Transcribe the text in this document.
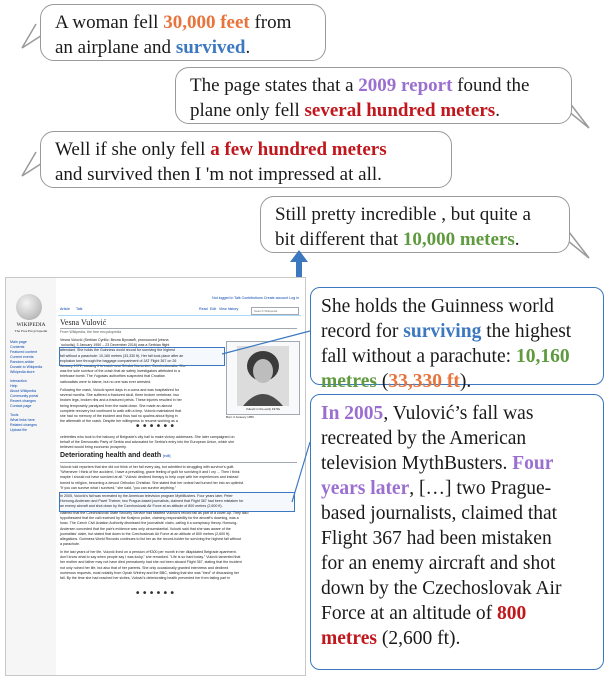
A woman fell 30,000 feet from
an airplane and survived.
The page states that a 2009 report found the
plane only fell several hundred meters.
Well if she only fell a few hundred meters
and survived then I 'm not impressed at all.
Still pretty incredible , but quite a
bit different that 10,000 meters.
WIKIPEDIA
The Free Encyclopedia
Main page
Contents
Featured content
Current events
Random article
Donate to Wikipedia
Wikipedia store
Interaction
Help
About Wikipedia
Community portal
Recent changes
Contact page
Tools
What links here
Related changes
Upload file
Not logged in Talk Contributions Create account Log in
Article Talk	Read Edit View history	Search Wikipedia
Vesna Vulović
From Wikipedia, the free encyclopedia
Vesna Vulović (Serbian Cyrillic: Весна Вуловић, pronounced [vésna
ˈʋuloʋitɕ]; 3 January 1950 – 23 December 2016) was a Serbian flight
attendant. She holds the Guinness world record for surviving the highest
fall without a parachute: 10,160 metres (33,330 ft). Her fall took place after an
explosion tore through the baggage compartment of JAT Flight 367 on 26
January 1972, causing it to crash near Srbská Kamenice, Czechoslovakia. She
was the sole survivor of the crash that air safety investigators attributed to a
briefcase bomb. The Yugoslav authorities suspected that Croatian
nationalists were to blame, but no one was ever arrested.
Following the crash, Vulović spent days in a coma and was hospitalized for
several months. She suffered a fractured skull, three broken vertebrae, two
broken legs, broken ribs and a fractured pelvis. These injuries resulted in her
being temporarily paralyzed from the waist down. She made an almost
complete recovery but continued to walk with a limp. Vulović maintained that
she had no memory of the incident and thus had no qualms about flying in
the aftermath of the crash. Despite her willingness to resume working as a
Vulović in the early 1970s
Born 3 January 1950
••••••
celebrities who took to the balcony of Belgrade's city hall to make victory addresses. She later campaigned on
behalf of the Democratic Party of Serbia and advocated for Serbia's entry into the European Union, which she
believed would bring economic prosperity.
Deteriorating health and death [edit]
Vulović told reporters that she did not think of her fall every day, but admitted to struggling with survivor's guilt.
"Whenever I think of the accident, I have a prevailing, grave feeling of guilt for surviving it and I cry ... Then I think
maybe I should not have survived at all." Vulović declined therapy to help cope with her experiences and instead
turned to religion, becoming a devout Orthodox Christian. She stated that her ordeal had turned her into an optimist.
"If you can survive what I survived," she said, "you can survive anything."
In 2005, Vulović's fall was recreated by the American television program MythBusters. Four years later, Peter
Hornung-Andersen and Pavel Theiner, two Prague-based journalists, claimed that Flight 367 had been mistaken for
an enemy aircraft and shot down by the Czechoslovak Air Force at an altitude of 800 metres (2,600 ft).
claimed that the Czechoslovak State Security Service had falsified Vulović's record fall as part of a cover-up. They also
hypothesized that the call received by the Kraljevo police, claiming responsibility for the aircraft's downing, was a
hoax. The Czech Civil Aviation Authority dismissed the journalists' claim, calling it a conspiracy theory. Hornung-
Andersen conceded that the pair's evidence was only circumstantial. Vulović said that she was aware of the
journalists' claim, but stated that down to the Czechoslovak Air Force at an altitude of 800 metres (2,600 ft).
allegations. Guinness World Records continues to list her as the record-holder for surviving the highest fall without
a parachute.
In the last years of her life, Vulović lived on a pension of €300 per month in her dilapidated Belgrade apartment.
don't know what to say when people say I was lucky," she remarked. "Life is so hard today." Vulović lamented that
her mother and father may not have died prematurely had she not been aboard Flight 367, stating that the incident
not only ruined her life, but also that of her parents. She only occasionally granted interviews and declined
numerous requests, most notably from Oprah Winfrey and the BBC, stating that she was "tired" of discussing her
fall. By the time she had reached her sixties, Vulović's deteriorating health prevented her from taking part in
••••••
She holds the Guinness world
record for surviving the highest
fall without a parachute: 10,160
metres (33,330 ft).
In 2005, Vulović’s fall was
recreated by the American
television MythBusters. Four
years later, […] two Prague-
based journalists, claimed that
Flight 367 had been mistaken
for an enemy aircraft and shot
down by the Czechoslovak Air
Force at an altitude of 800
metres (2,600 ft).
